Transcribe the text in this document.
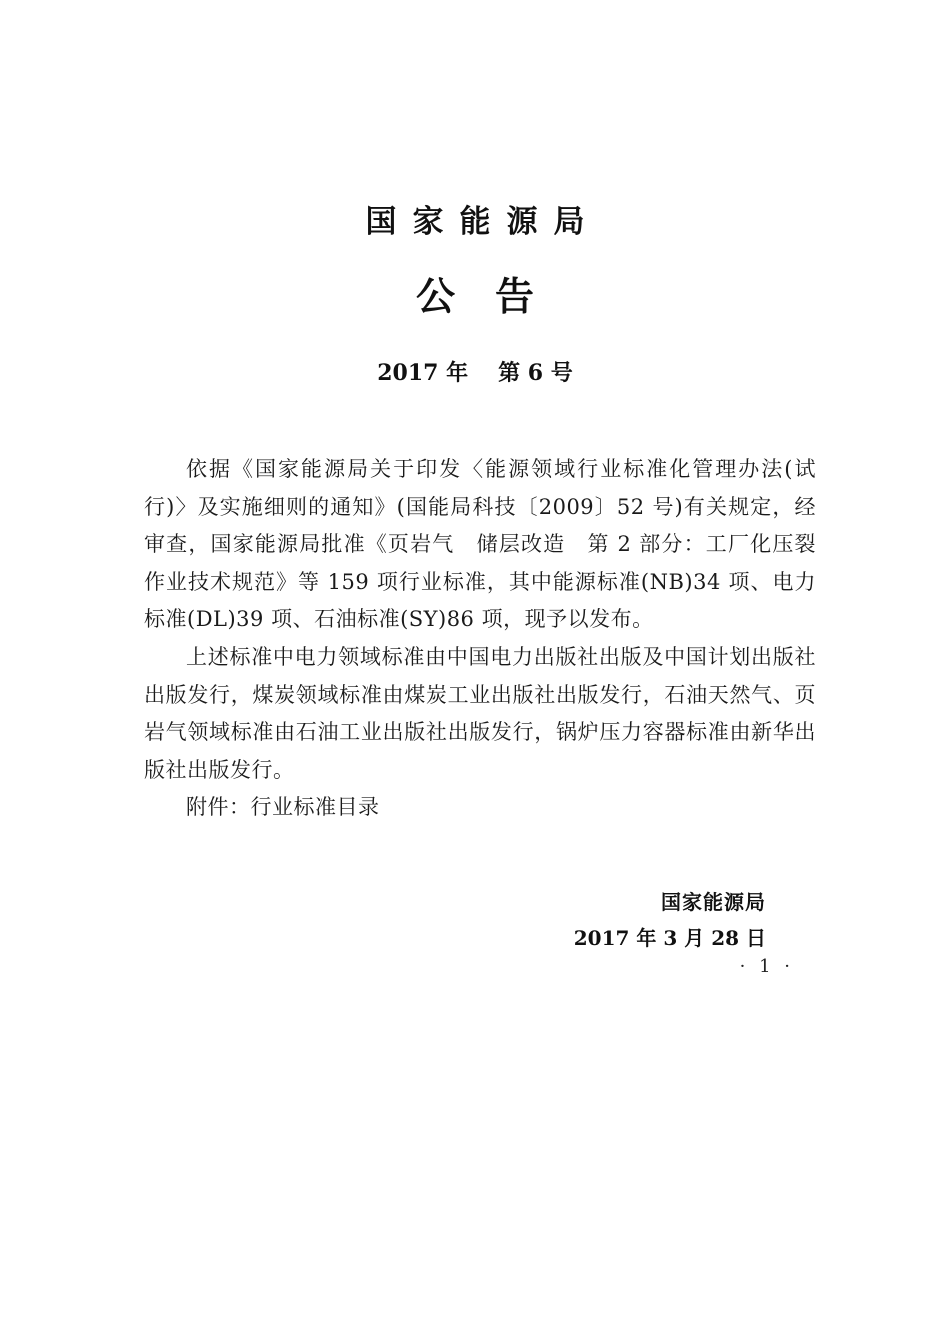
国家能源局
公告
2017 年 第 6 号

依据《国家能源局关于印发〈能源领域行业标准化管理办法(试行)〉及实施细则的通知》(国能局科技〔2009〕52 号)有关规定，经审查，国家能源局批准《页岩气　储层改造　第 2 部分：工厂化压裂作业技术规范》等 159 项行业标准，其中能源标准(NB)34 项、电力标准(DL)39 项、石油标准(SY)86 项，现予以发布。

上述标准中电力领域标准由中国电力出版社出版及中国计划出版社出版发行，煤炭领域标准由煤炭工业出版社出版发行，石油天然气、页岩气领域标准由石油工业出版社出版发行，锅炉压力容器标准由新华出版社出版发行。

附件：行业标准目录

国家能源局
2017 年 3 月 28 日
· 1 ·
